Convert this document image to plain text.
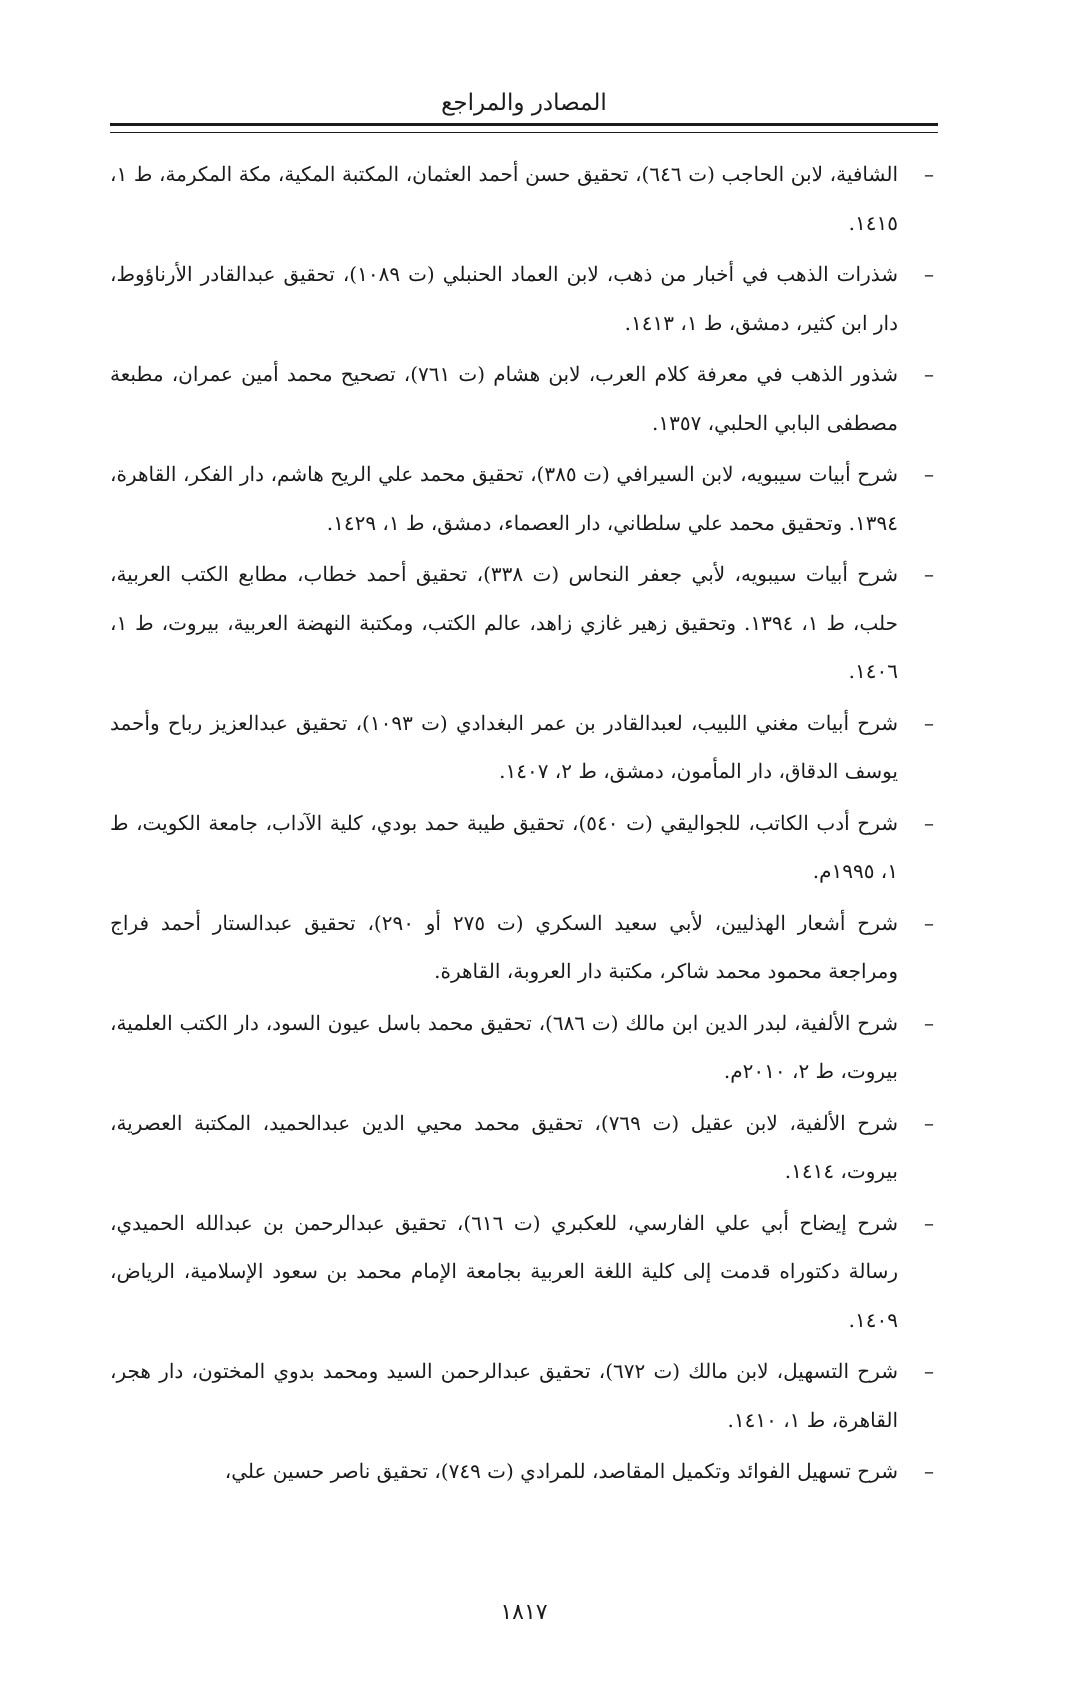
المصادر والمراجع
–
الشافية، لابن الحاجب (ت ٦٤٦)، تحقيق حسن أحمد العثمان، المكتبة المكية، مكة المكرمة، ط ١، ١٤١٥.
–
شذرات الذهب في أخبار من ذهب، لابن العماد الحنبلي (ت ١٠٨٩)، تحقيق عبدالقادر الأرناؤوط، دار ابن كثير، دمشق، ط ١، ١٤١٣.
–
شذور الذهب في معرفة كلام العرب، لابن هشام (ت ٧٦١)، تصحيح محمد أمين عمران، مطبعة مصطفى البابي الحلبي، ١٣٥٧.
–
شرح أبيات سيبويه، لابن السيرافي (ت ٣٨٥)، تحقيق محمد علي الريح هاشم، دار الفكر، القاهرة، ١٣٩٤. وتحقيق محمد علي سلطاني، دار العصماء، دمشق، ط ١، ١٤٢٩.
–
شرح أبيات سيبويه، لأبي جعفر النحاس (ت ٣٣٨)، تحقيق أحمد خطاب، مطابع الكتب العربية، حلب، ط ١، ١٣٩٤. وتحقيق زهير غازي زاهد، عالم الكتب، ومكتبة النهضة العربية، بيروت، ط ١، ١٤٠٦.
–
شرح أبيات مغني اللبيب، لعبدالقادر بن عمر البغدادي (ت ١٠٩٣)، تحقيق عبدالعزيز رباح وأحمد يوسف الدقاق، دار المأمون، دمشق، ط ٢، ١٤٠٧.
–
شرح أدب الكاتب، للجواليقي (ت ٥٤٠)، تحقيق طيبة حمد بودي، كلية الآداب، جامعة الكويت، ط ١، ١٩٩٥م.
–
شرح أشعار الهذليين، لأبي سعيد السكري (ت ٢٧٥ أو ٢٩٠)، تحقيق عبدالستار أحمد فراج ومراجعة محمود محمد شاكر، مكتبة دار العروبة، القاهرة.
–
شرح الألفية، لبدر الدين ابن مالك (ت ٦٨٦)، تحقيق محمد باسل عيون السود، دار الكتب العلمية، بيروت، ط ٢، ٢٠١٠م.
–
شرح الألفية، لابن عقيل (ت ٧٦٩)، تحقيق محمد محيي الدين عبدالحميد، المكتبة العصرية، بيروت، ١٤١٤.
–
شرح إيضاح أبي علي الفارسي، للعكبري (ت ٦١٦)، تحقيق عبدالرحمن بن عبدالله الحميدي، رسالة دكتوراه قدمت إلى كلية اللغة العربية بجامعة الإمام محمد بن سعود الإسلامية، الرياض، ١٤٠٩.
–
شرح التسهيل، لابن مالك (ت ٦٧٢)، تحقيق عبدالرحمن السيد ومحمد بدوي المختون، دار هجر، القاهرة، ط ١، ١٤١٠.
–
شرح تسهيل الفوائد وتكميل المقاصد، للمرادي (ت ٧٤٩)، تحقيق ناصر حسين علي،
١٨١٧
